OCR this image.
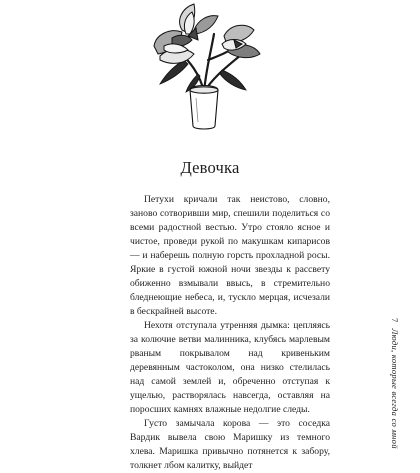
Девочка

Петухи кричали так неистово, словно, заново сотворивши мир, спешили поделиться со всеми радостной вестью. Утро стояло ясное и чистое, проведи рукой по макушкам кипарисов — и наберешь полную горсть прохладной росы. Яркие в густой южной ночи звезды к рассвету обиженно взмывали ввысь, в стремительно бледнеющие небеса, и, тускло мерцая, исчезали в бескрайней высоте.

Нехотя отступала утренняя дымка: цепляясь за колючие ветви малинника, клубясь марлевым рваным покрывалом над кривеньким деревянным частоколом, она низко стелилась над самой землей и, обреченно отступая к ущелью, растворялась навсегда, оставляя на поросших камнях влажные недолгие следы.

Густо замычала корова — это соседка Вардик вывела свою Маришку из темного хлева. Маришка привычно потянется к забору, толкнет лбом калитку, выйдет

7Люди, которые всегда со мной
